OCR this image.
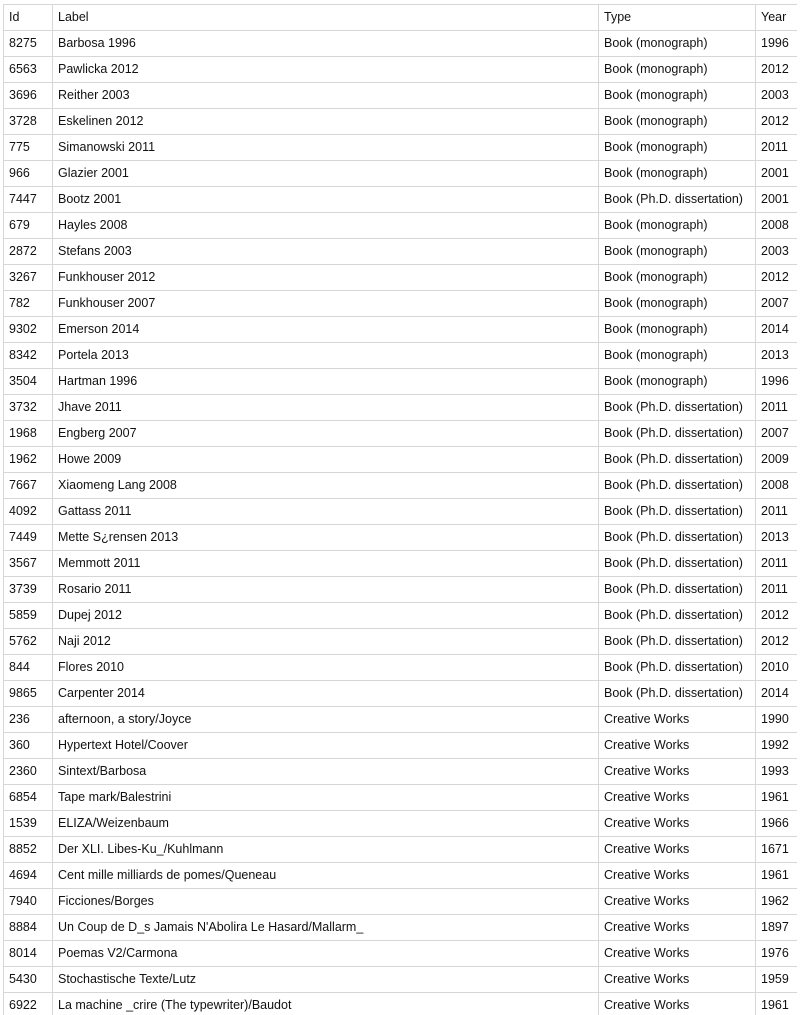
Id	Label	Type	Year
8275	Barbosa 1996	Book (monograph)	1996
6563	Pawlicka 2012	Book (monograph)	2012
3696	Reither 2003	Book (monograph)	2003
3728	Eskelinen 2012	Book (monograph)	2012
775	Simanowski 2011	Book (monograph)	2011
966	Glazier 2001	Book (monograph)	2001
7447	Bootz 2001	Book (Ph.D. dissertation)	2001
679	Hayles 2008	Book (monograph)	2008
2872	Stefans 2003	Book (monograph)	2003
3267	Funkhouser 2012	Book (monograph)	2012
782	Funkhouser 2007	Book (monograph)	2007
9302	Emerson 2014	Book (monograph)	2014
8342	Portela 2013	Book (monograph)	2013
3504	Hartman 1996	Book (monograph)	1996
3732	Jhave 2011	Book (Ph.D. dissertation)	2011
1968	Engberg 2007	Book (Ph.D. dissertation)	2007
1962	Howe 2009	Book (Ph.D. dissertation)	2009
7667	Xiaomeng Lang 2008	Book (Ph.D. dissertation)	2008
4092	Gattass 2011	Book (Ph.D. dissertation)	2011
7449	Mette S¿rensen 2013	Book (Ph.D. dissertation)	2013
3567	Memmott 2011	Book (Ph.D. dissertation)	2011
3739	Rosario 2011	Book (Ph.D. dissertation)	2011
5859	Dupej 2012	Book (Ph.D. dissertation)	2012
5762	Naji 2012	Book (Ph.D. dissertation)	2012
844	Flores 2010	Book (Ph.D. dissertation)	2010
9865	Carpenter 2014	Book (Ph.D. dissertation)	2014
236	afternoon, a story/Joyce	Creative Works	1990
360	Hypertext Hotel/Coover	Creative Works	1992
2360	Sintext/Barbosa	Creative Works	1993
6854	Tape mark/Balestrini	Creative Works	1961
1539	ELIZA/Weizenbaum	Creative Works	1966
8852	Der XLI. Libes-Ku_/Kuhlmann	Creative Works	1671
4694	Cent mille milliards de pomes/Queneau	Creative Works	1961
7940	Ficciones/Borges	Creative Works	1962
8884	Un Coup de D_s Jamais N'Abolira Le Hasard/Mallarm_	Creative Works	1897
8014	Poemas V2/Carmona	Creative Works	1976
5430	Stochastische Texte/Lutz	Creative Works	1959
6922	La machine _crire (The typewriter)/Baudot	Creative Works	1961
